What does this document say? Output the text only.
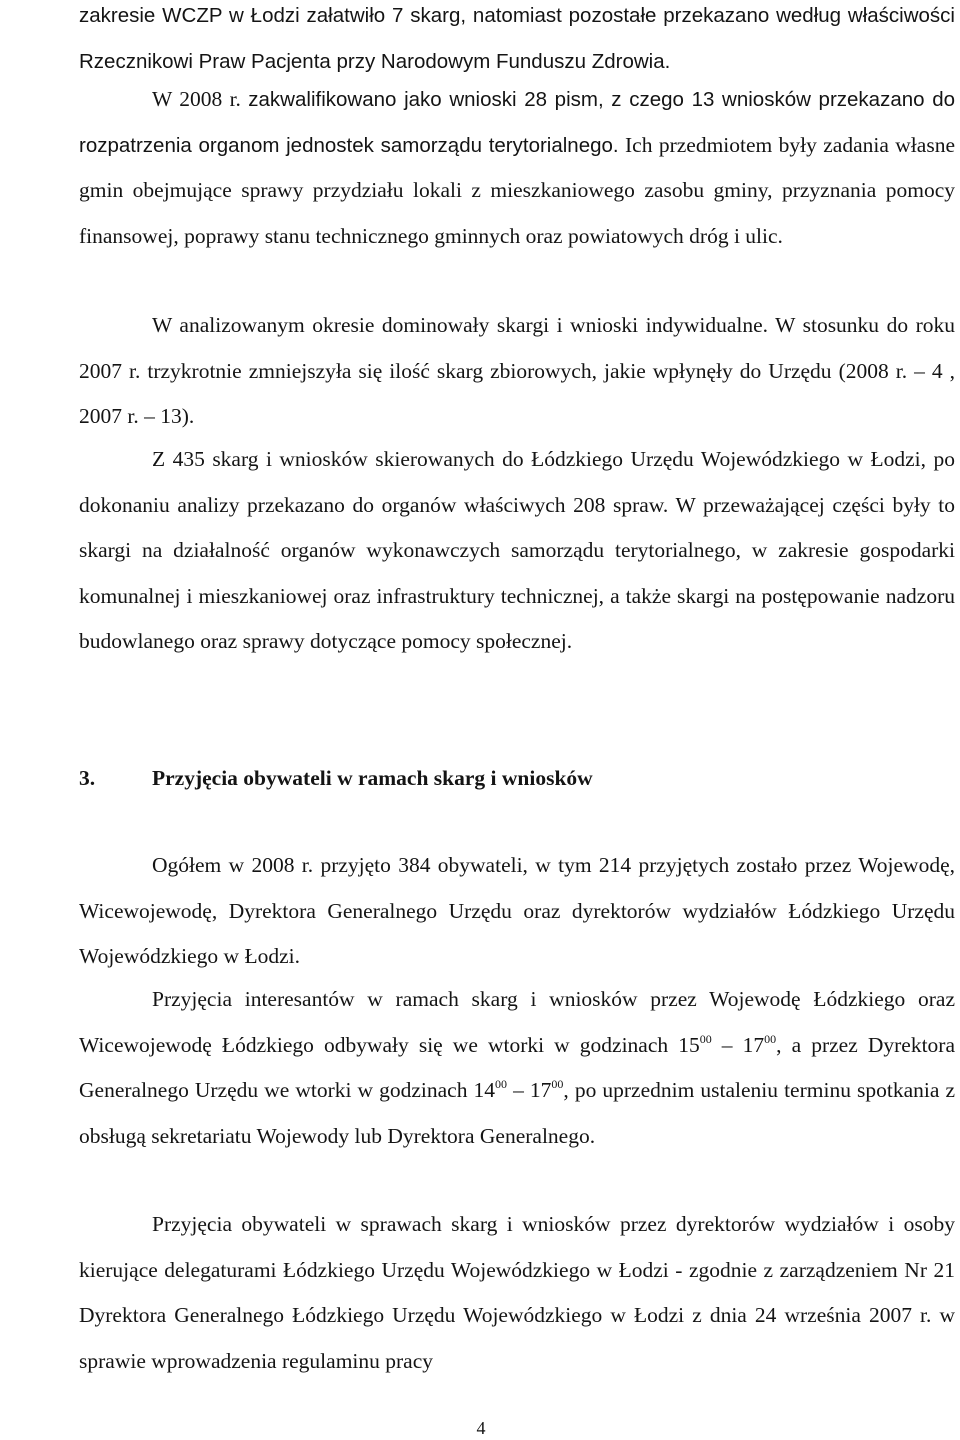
zakresie WCZP w Łodzi załatwiło 7 skarg, natomiast pozostałe przekazano według właściwości Rzecznikowi Praw Pacjenta przy Narodowym Funduszu Zdrowia.

W 2008 r. zakwalifikowano jako wnioski 28 pism, z czego 13 wniosków przekazano do rozpatrzenia organom jednostek samorządu terytorialnego. Ich przedmiotem były zadania własne gmin obejmujące sprawy przydziału lokali z mieszkaniowego zasobu gminy, przyznania pomocy finansowej, poprawy stanu technicznego gminnych oraz powiatowych dróg i ulic.

W analizowanym okresie dominowały skargi i wnioski indywidualne. W stosunku do roku 2007 r. trzykrotnie zmniejszyła się ilość skarg zbiorowych, jakie wpłynęły do Urzędu (2008 r. – 4 , 2007 r. – 13).

Z 435 skarg i wniosków skierowanych do Łódzkiego Urzędu Wojewódzkiego w Łodzi, po dokonaniu analizy przekazano do organów właściwych 208 spraw. W przeważającej części były to skargi na działalność organów wykonawczych samorządu terytorialnego, w zakresie gospodarki komunalnej i mieszkaniowej oraz infrastruktury technicznej, a także skargi na postępowanie nadzoru budowlanego oraz sprawy dotyczące pomocy społecznej.

3.	Przyjęcia obywateli w ramach skarg i wniosków

Ogółem w 2008 r. przyjęto 384 obywateli, w tym 214 przyjętych zostało przez Wojewodę, Wicewojewodę, Dyrektora Generalnego Urzędu oraz dyrektorów wydziałów Łódzkiego Urzędu Wojewódzkiego w Łodzi.

Przyjęcia interesantów w ramach skarg i wniosków przez Wojewodę Łódzkiego oraz Wicewojewodę Łódzkiego odbywały się we wtorki w godzinach $15^{00} - 17^{00}$, a przez Dyrektora Generalnego Urzędu we wtorki w godzinach $14^{00} - 17^{00}$, po uprzednim ustaleniu terminu spotkania z obsługą sekretariatu Wojewody lub Dyrektora Generalnego.

Przyjęcia obywateli w sprawach skarg i wniosków przez dyrektorów wydziałów i osoby kierujące delegaturami Łódzkiego Urzędu Wojewódzkiego w Łodzi - zgodnie z zarządzeniem Nr 21 Dyrektora Generalnego Łódzkiego Urzędu Wojewódzkiego w Łodzi z dnia 24 września 2007 r. w sprawie wprowadzenia regulaminu pracy

4
